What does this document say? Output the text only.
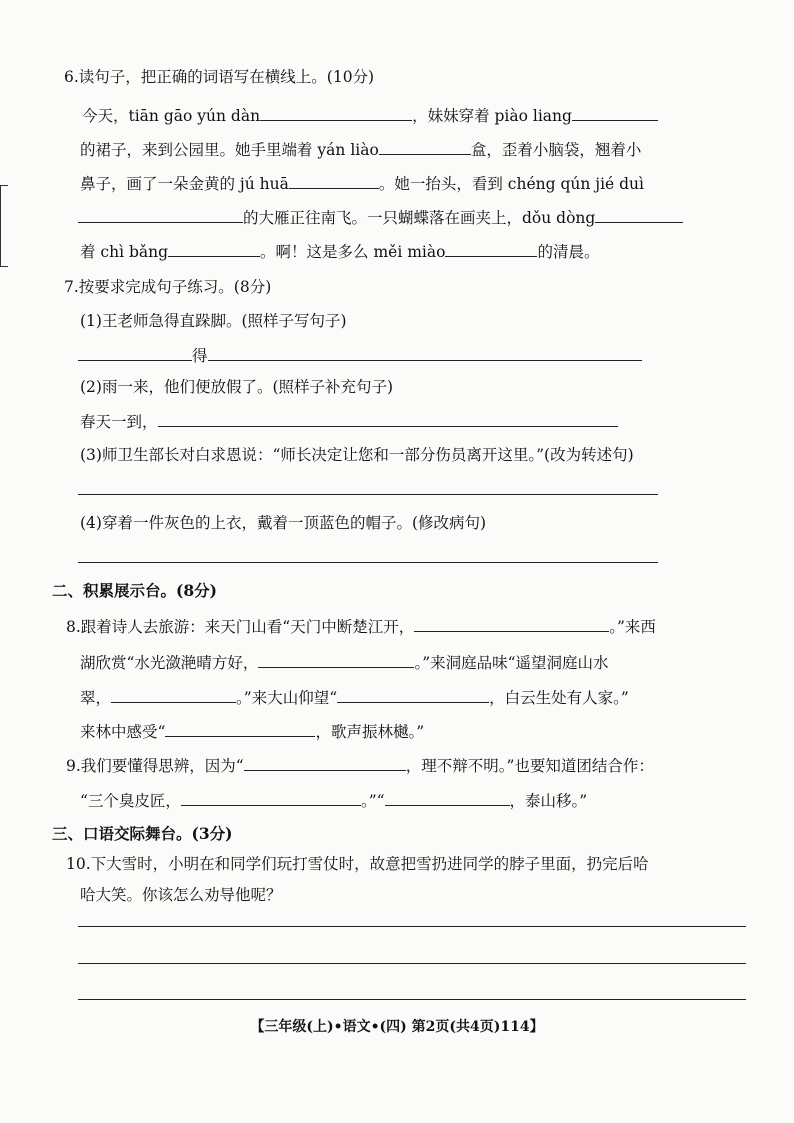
6.读句子，把正确的词语写在横线上。(10分)
今天，tiān gāo yún dàn	，妹妹穿着 piào liang
的裙子，来到公园里。她手里端着 yán liào	盒，歪着小脑袋，翘着小
鼻子，画了一朵金黄的 jú huā	。她一抬头，看到 chéng qún jié duì
的大雁正往南飞。一只蝴蝶落在画夹上，dǒu dòng
着 chì bǎng	。啊！这是多么 měi miào	的清晨。
7.按要求完成句子练习。(8分)
(1)王老师急得直跺脚。(照样子写句子)
得
(2)雨一来，他们便放假了。(照样子补充句子)
春天一到，
(3)师卫生部长对白求恩说：“师长决定让您和一部分伤员离开这里。”(改为转述句)
(4)穿着一件灰色的上衣，戴着一顶蓝色的帽子。(修改病句)
二、积累展示台。(8分)
8.跟着诗人去旅游：来天门山看“天门中断楚江开，	。”来西
湖欣赏“水光潋滟晴方好，	。”来洞庭品味“遥望洞庭山水
翠，	。”来大山仰望“	，白云生处有人家。”
来林中感受“	，歌声振林樾。”
9.我们要懂得思辨，因为“	，理不辩不明。”也要知道团结合作：
“三个臭皮匠，	。”“	，泰山移。”
三、口语交际舞台。(3分)
10.下大雪时，小明在和同学们玩打雪仗时，故意把雪扔进同学的脖子里面，扔完后哈
哈大笑。你该怎么劝导他呢？
【三年级(上)•语文•(四) 第2页(共4页)114】
